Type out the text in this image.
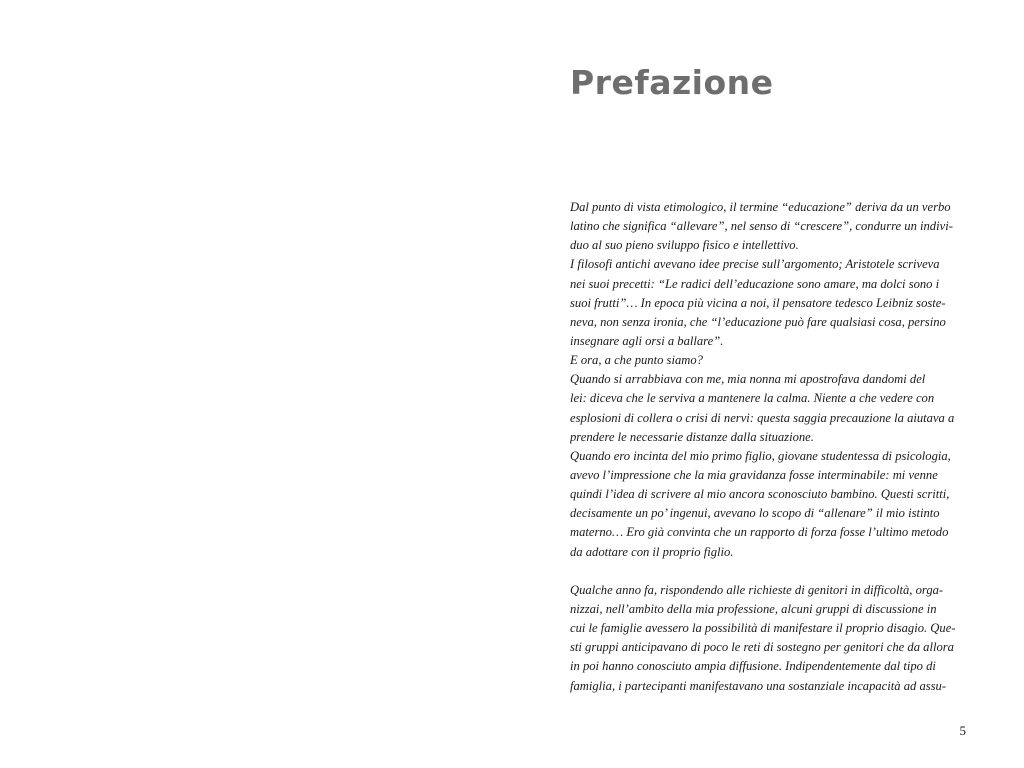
Prefazione
Dal punto di vista etimologico, il termine “educazione” deriva da un verbo
latino che significa “allevare”, nel senso di “crescere”, condurre un indivi-
duo al suo pieno sviluppo fisico e intellettivo.
I filosofi antichi avevano idee precise sull’argomento; Aristotele scriveva
nei suoi precetti: “Le radici dell’educazione sono amare, ma dolci sono i
suoi frutti”… In epoca più vicina a noi, il pensatore tedesco Leibniz soste-
neva, non senza ironia, che “l’educazione può fare qualsiasi cosa, persino
insegnare agli orsi a ballare”.
E ora, a che punto siamo?
Quando si arrabbiava con me, mia nonna mi apostrofava dandomi del
lei: diceva che le serviva a mantenere la calma. Niente a che vedere con
esplosioni di collera o crisi di nervi: questa saggia precauzione la aiutava a
prendere le necessarie distanze dalla situazione.
Quando ero incinta del mio primo figlio, giovane studentessa di psicologia,
avevo l’impressione che la mia gravidanza fosse interminabile: mi venne
quindi l’idea di scrivere al mio ancora sconosciuto bambino. Questi scritti,
decisamente un po’ ingenui, avevano lo scopo di “allenare” il mio istinto
materno… Ero già convinta che un rapporto di forza fosse l’ultimo metodo
da adottare con il proprio figlio.
Qualche anno fa, rispondendo alle richieste di genitori in difficoltà, orga-
nizzai, nell’ambito della mia professione, alcuni gruppi di discussione in
cui le famiglie avessero la possibilità di manifestare il proprio disagio. Que-
sti gruppi anticipavano di poco le reti di sostegno per genitori che da allora
in poi hanno conosciuto ampia diffusione. Indipendentemente dal tipo di
famiglia, i partecipanti manifestavano una sostanziale incapacità ad assu-
5
